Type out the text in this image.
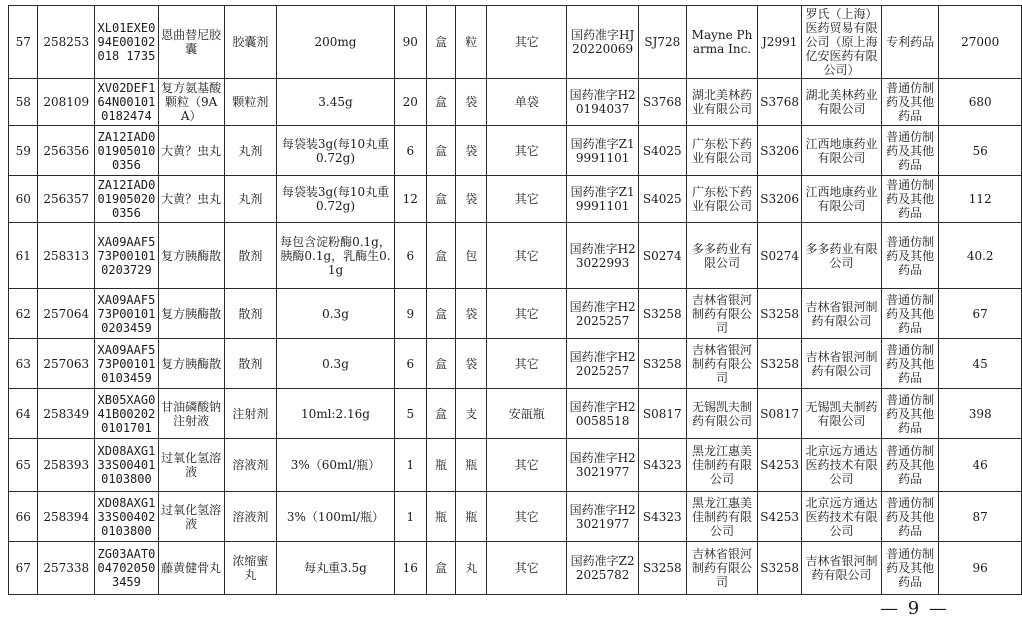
57	258253	XL01EXE094E00102018 1735	恩曲替尼胶囊	胶囊剂	200mg	90	盒	粒	其它	国药准字HJ20220069	SJ728	Mayne Pharma Inc.	J2991	罗氏（上海）医药贸易有限公司（原上海亿安医药有限公司）	专利药品	27000
58	208109	XV02DEF164N001010182474	复方氨基酸颗粒（9AA）	颗粒剂	3.45g	20	盒	袋	单袋	国药准字H20194037	S3768	湖北美林药业有限公司	S3768	湖北美林药业有限公司	普通仿制药及其他药品	680
59	256356	ZA12IAD0019050100356	大黄？虫丸	丸剂	每袋装3g(每10丸重0.72g)	6	盒	袋	其它	国药准字Z19991101	S4025	广东松下药业有限公司	S3206	江西地康药业有限公司	普通仿制药及其他药品	56
60	256357	ZA12IAD0019050200356	大黄？虫丸	丸剂	每袋装3g(每10丸重0.72g)	12	盒	袋	其它	国药准字Z19991101	S4025	广东松下药业有限公司	S3206	江西地康药业有限公司	普通仿制药及其他药品	112
61	258313	XA09AAF573P001010203729	复方胰酶散	散剂	每包含淀粉酶0.1g，胰酶0.1g，乳酶生0.1g	6	盒	包	其它	国药准字H23022993	S0274	多多药业有限公司	S0274	多多药业有限公司	普通仿制药及其他药品	40.2
62	257064	XA09AAF573P001010203459	复方胰酶散	散剂	0.3g	9	盒	袋	其它	国药准字H22025257	S3258	吉林省银河制药有限公司	S3258	吉林省银河制药有限公司	普通仿制药及其他药品	67
63	257063	XA09AAF573P001010103459	复方胰酶散	散剂	0.3g	6	盒	袋	其它	国药准字H22025257	S3258	吉林省银河制药有限公司	S3258	吉林省银河制药有限公司	普通仿制药及其他药品	45
64	258349	XB05XAG041B002020101701	甘油磷酸钠注射液	注射剂	10ml:2.16g	5	盒	支	安瓿瓶	国药准字H20058518	S0817	无锡凯夫制药有限公司	S0817	无锡凯夫制药有限公司	普通仿制药及其他药品	398
65	258393	XD08AXG133S004010103800	过氧化氢溶液	溶液剂	3%（60ml/瓶）	1	瓶	瓶	其它	国药准字H23021977	S4323	黑龙江惠美佳制药有限公司	S4253	北京远方通达医药技术有限公司	普通仿制药及其他药品	46
66	258394	XD08AXG133S004020103800	过氧化氢溶液	溶液剂	3%（100ml/瓶）	1	瓶	瓶	其它	国药准字H23021977	S4323	黑龙江惠美佳制药有限公司	S4253	北京远方通达医药技术有限公司	普通仿制药及其他药品	87
67	257338	ZG03AAT0047020503459	藤黄健骨丸	浓缩蜜丸	每丸重3.5g	16	盒	丸	其它	国药准字Z22025782	S3258	吉林省银河制药有限公司	S3258	吉林省银河制药有限公司	普通仿制药及其他药品	96
— 9 —
